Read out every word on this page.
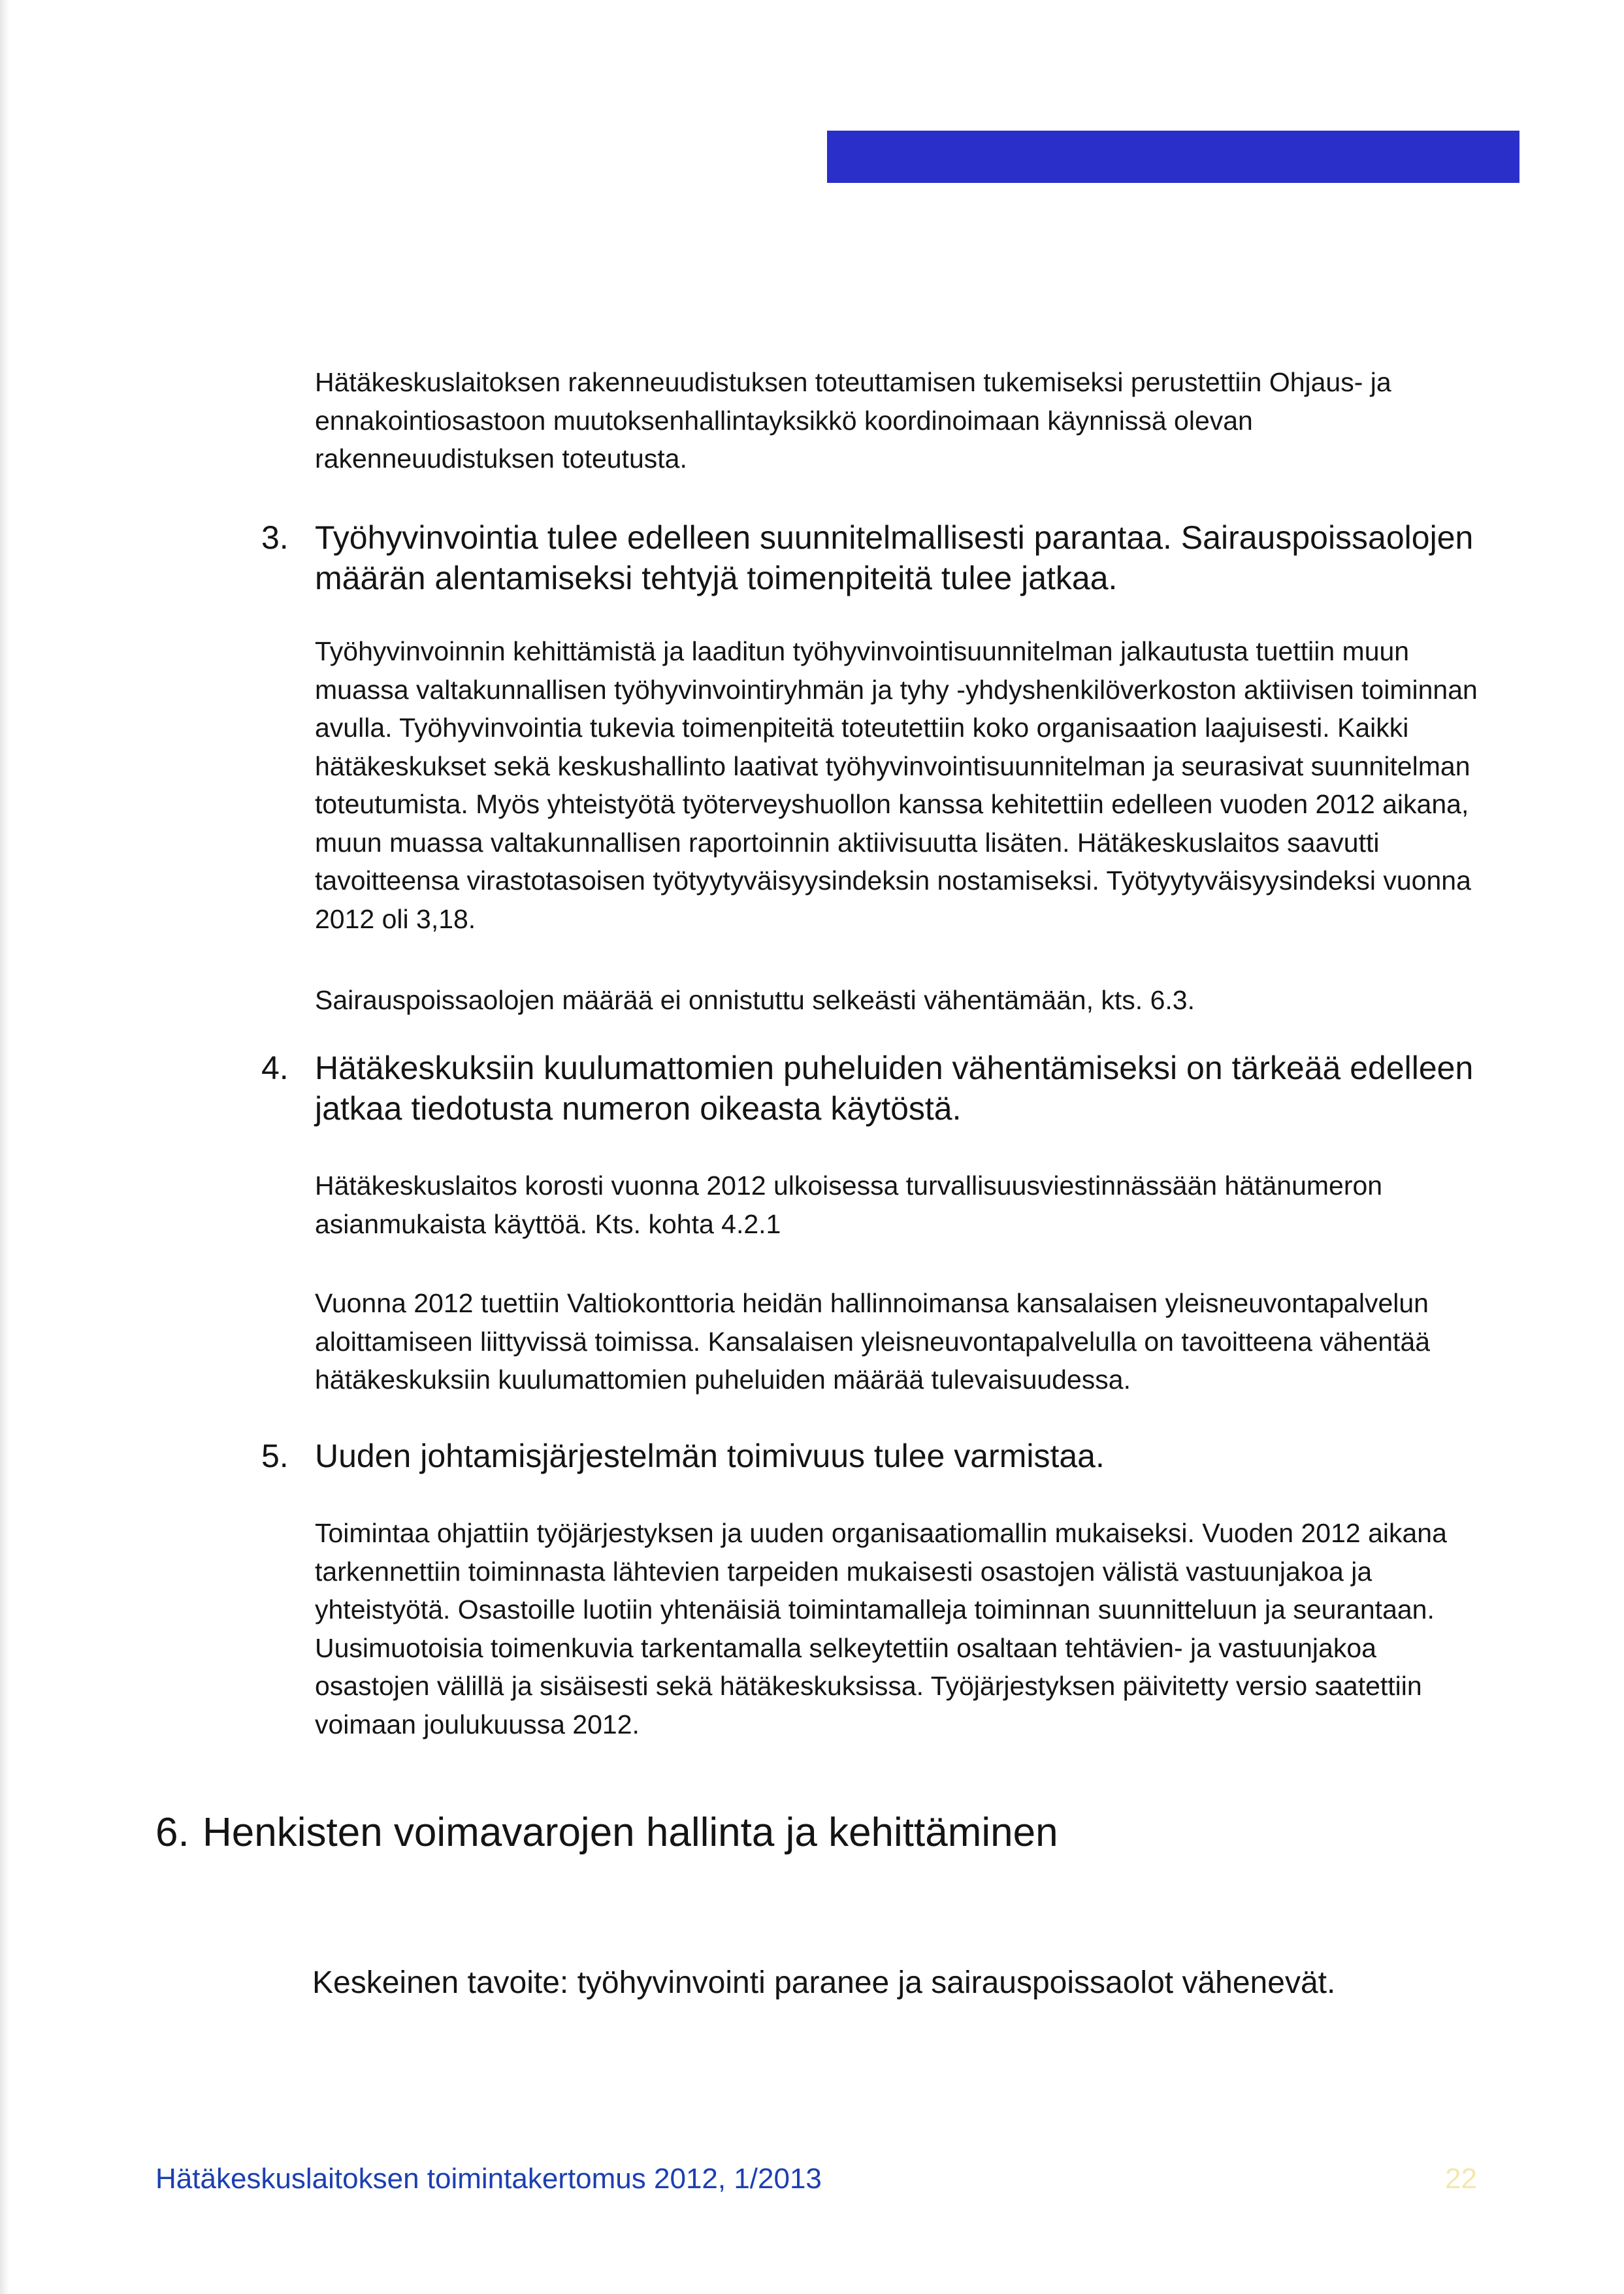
Hätäkeskuslaitoksen rakenneuudistuksen toteuttamisen tukemiseksi perustettiin Ohjaus- ja ennakointiosastoon muutoksenhallintayksikkö koordinoimaan käynnissä olevan rakenneuudistuksen toteutusta.

3. Työhyvinvointia tulee edelleen suunnitelmallisesti parantaa. Sairauspoissaolojen määrän alentamiseksi tehtyjä toimenpiteitä tulee jatkaa.

Työhyvinvoinnin kehittämistä ja laaditun työhyvinvointisuunnitelman jalkautusta tuettiin muun muassa valtakunnallisen työhyvinvointiryhmän ja tyhy -yhdyshenkilöverkoston aktiivisen toiminnan avulla. Työhyvinvointia tukevia toimenpiteitä toteutettiin koko organisaation laajuisesti. Kaikki hätäkeskukset sekä keskushallinto laativat työhyvinvointisuunnitelman ja seurasivat suunnitelman toteutumista. Myös yhteistyötä työterveyshuollon kanssa kehitettiin edelleen vuoden 2012 aikana, muun muassa valtakunnallisen raportoinnin aktiivisuutta lisäten. Hätäkeskuslaitos saavutti tavoitteensa virastotasoisen työtyytyväisyysindeksin nostamiseksi. Työtyytyväisyysindeksi vuonna 2012 oli 3,18.

Sairauspoissaolojen määrää ei onnistuttu selkeästi vähentämään, kts. 6.3.

4. Hätäkeskuksiin kuulumattomien puheluiden vähentämiseksi on tärkeää edelleen jatkaa tiedotusta numeron oikeasta käytöstä.

Hätäkeskuslaitos korosti vuonna 2012 ulkoisessa turvallisuusviestinnässään hätänumeron asianmukaista käyttöä. Kts. kohta 4.2.1

Vuonna 2012 tuettiin Valtiokonttoria heidän hallinnoimansa kansalaisen yleisneuvontapalvelun aloittamiseen liittyvissä toimissa. Kansalaisen yleisneuvontapalvelulla on tavoitteena vähentää hätäkeskuksiin kuulumattomien puheluiden määrää tulevaisuudessa.

5. Uuden johtamisjärjestelmän toimivuus tulee varmistaa.

Toimintaa ohjattiin työjärjestyksen ja uuden organisaatiomallin mukaiseksi. Vuoden 2012 aikana tarkennettiin toiminnasta lähtevien tarpeiden mukaisesti osastojen välistä vastuunjakoa ja yhteistyötä. Osastoille luotiin yhtenäisiä toimintamalleja toiminnan suunnitteluun ja seurantaan. Uusimuotoisia toimenkuvia tarkentamalla selkeytettiin osaltaan tehtävien- ja vastuunjakoa osastojen välillä ja sisäisesti sekä hätäkeskuksissa. Työjärjestyksen päivitetty versio saatettiin voimaan joulukuussa 2012.

6. Henkisten voimavarojen hallinta ja kehittäminen
Keskeinen tavoite: työhyvinvointi paranee ja sairauspoissaolot vähenevät.
Hätäkeskuslaitoksen toimintakertomus 2012, 1/2013	22
